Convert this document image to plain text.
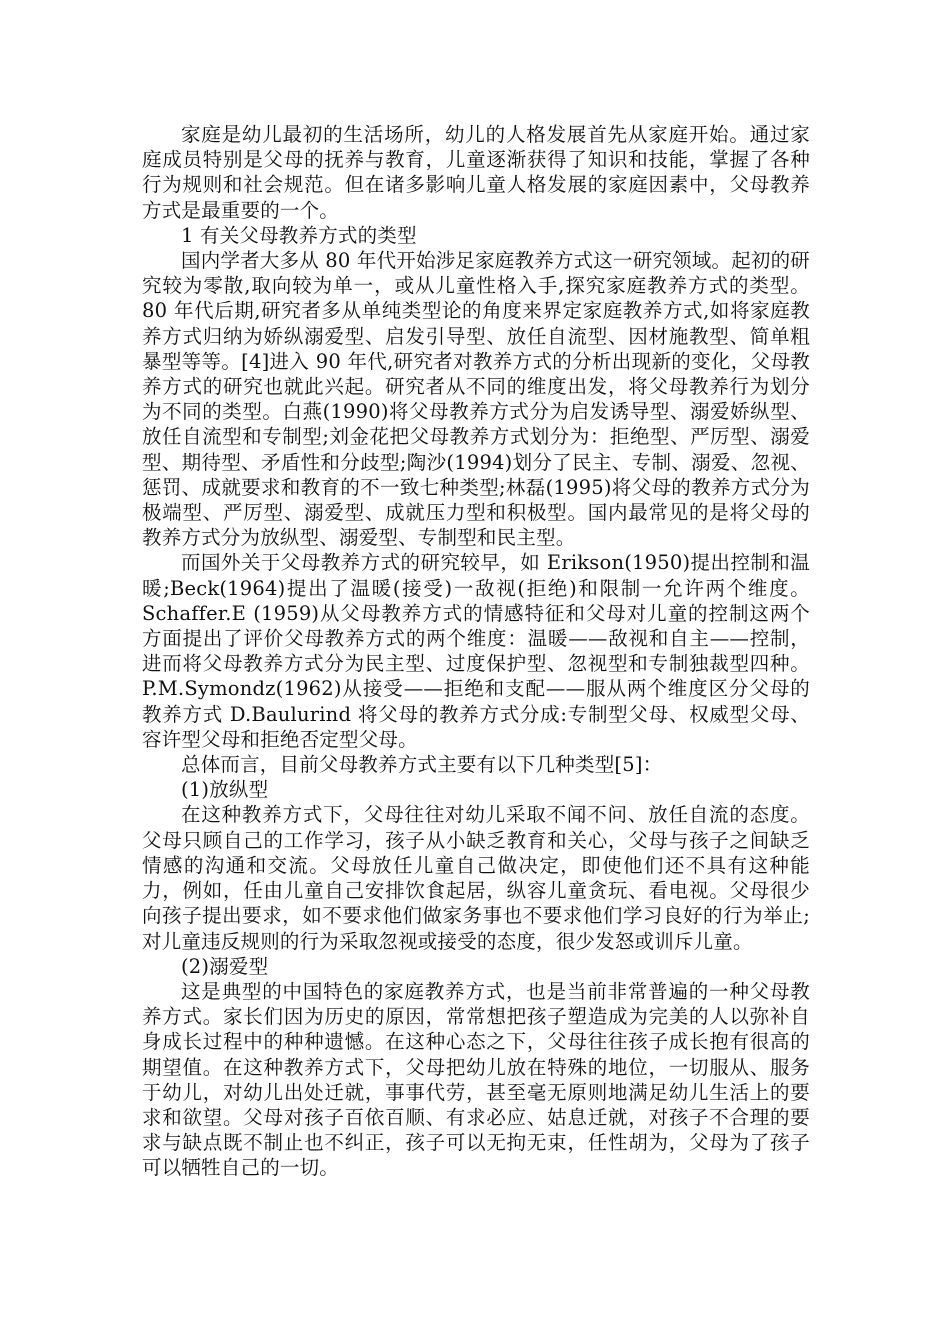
家庭是幼儿最初的生活场所，幼儿的人格发展首先从家庭开始。通过家庭成员特别是父母的抚养与教育，儿童逐渐获得了知识和技能，掌握了各种行为规则和社会规范。但在诸多影响儿童人格发展的家庭因素中，父母教养方式是最重要的一个。

1 有关父母教养方式的类型

国内学者大多从 80 年代开始涉足家庭教养方式这一研究领域。起初的研究较为零散,取向较为单一，或从儿童性格入手,探究家庭教养方式的类型。80 年代后期,研究者多从单纯类型论的角度来界定家庭教养方式,如将家庭教养方式归纳为娇纵溺爱型、启发引导型、放任自流型、因材施教型、简单粗暴型等等。[4]进入 90 年代,研究者对教养方式的分析出现新的变化，父母教养方式的研究也就此兴起。研究者从不同的维度出发，将父母教养行为划分为不同的类型。白燕(1990)将父母教养方式分为启发诱导型、溺爱娇纵型、放任自流型和专制型;刘金花把父母教养方式划分为：拒绝型、严厉型、溺爱型、期待型、矛盾性和分歧型;陶沙(1994)划分了民主、专制、溺爱、忽视、惩罚、成就要求和教育的不一致七种类型;林磊(1995)将父母的教养方式分为极端型、严厉型、溺爱型、成就压力型和积极型。国内最常见的是将父母的教养方式分为放纵型、溺爱型、专制型和民主型。

而国外关于父母教养方式的研究较早，如 Erikson(1950)提出控制和温暖;Beck(1964)提出了温暖(接受)一敌视(拒绝)和限制一允许两个维度。Schaffer.E (1959)从父母教养方式的情感特征和父母对儿童的控制这两个方面提出了评价父母教养方式的两个维度：温暖——敌视和自主——控制，进而将父母教养方式分为民主型、过度保护型、忽视型和专制独裁型四种。P.M.Symondz(1962)从接受——拒绝和支配——服从两个维度区分父母的教养方式 D.Baulurind 将父母的教养方式分成:专制型父母、权威型父母、容许型父母和拒绝否定型父母。

总体而言，目前父母教养方式主要有以下几种类型[5]：

(1)放纵型

在这种教养方式下，父母往往对幼儿采取不闻不问、放任自流的态度。父母只顾自己的工作学习，孩子从小缺乏教育和关心，父母与孩子之间缺乏情感的沟通和交流。父母放任儿童自己做决定，即使他们还不具有这种能力，例如，任由儿童自己安排饮食起居，纵容儿童贪玩、看电视。父母很少向孩子提出要求，如不要求他们做家务事也不要求他们学习良好的行为举止;对儿童违反规则的行为采取忽视或接受的态度，很少发怒或训斥儿童。

(2)溺爱型

这是典型的中国特色的家庭教养方式，也是当前非常普遍的一种父母教养方式。家长们因为历史的原因，常常想把孩子塑造成为完美的人以弥补自身成长过程中的种种遗憾。在这种心态之下，父母往往孩子成长抱有很高的期望值。在这种教养方式下，父母把幼儿放在特殊的地位，一切服从、服务于幼儿，对幼儿出处迁就，事事代劳，甚至毫无原则地满足幼儿生活上的要求和欲望。父母对孩子百依百顺、有求必应、姑息迁就，对孩子不合理的要求与缺点既不制止也不纠正，孩子可以无拘无束，任性胡为，父母为了孩子可以牺牲自己的一切。
